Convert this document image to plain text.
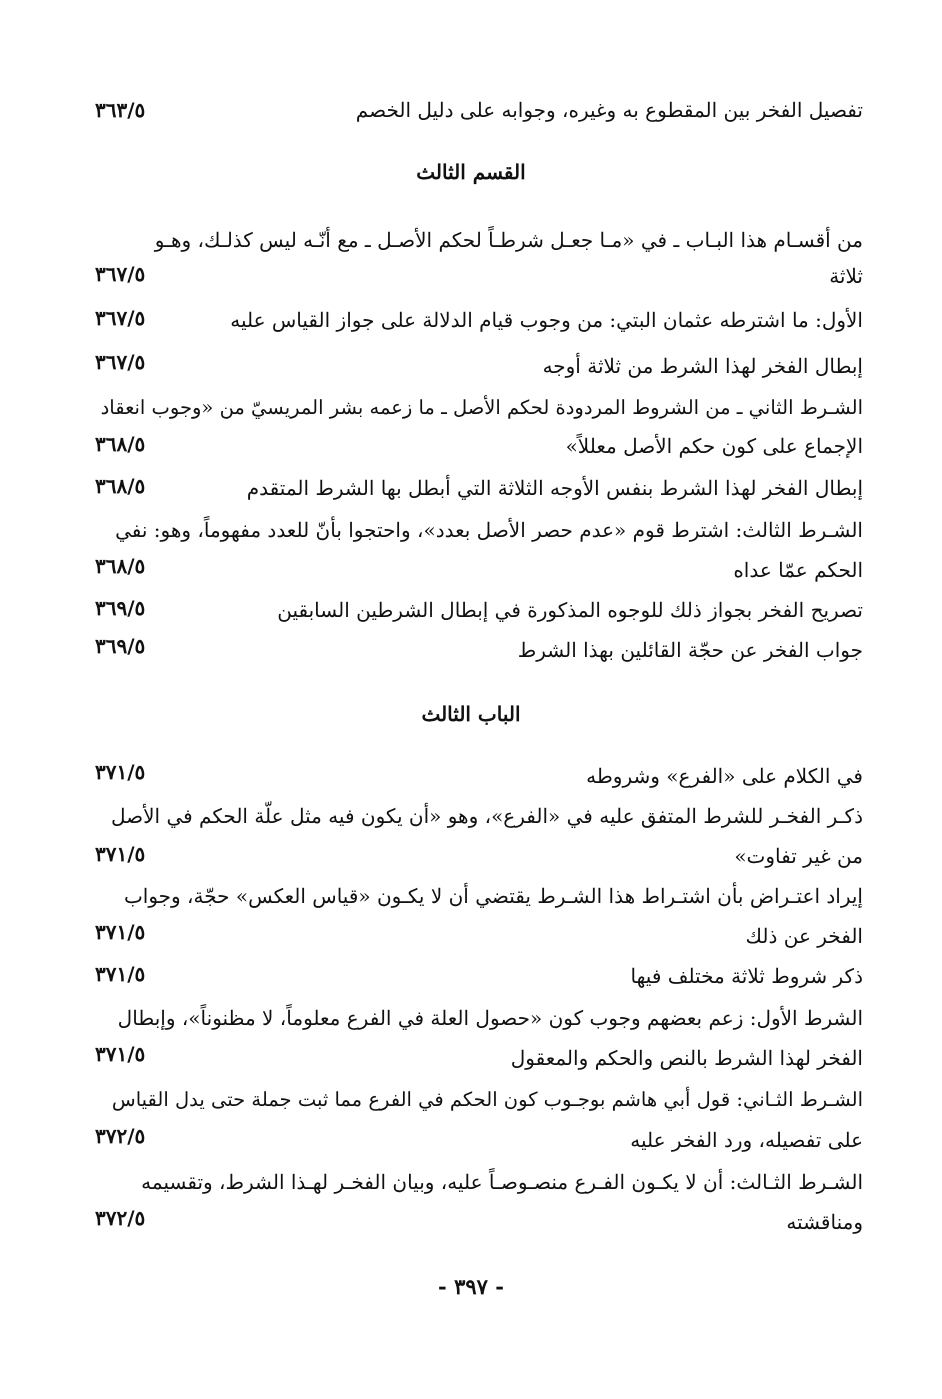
تفصيل الفخر بين المقطوع به وغيره، وجوابه على دليل الخصم
٣٦٣/٥
القسم الثالث
من أقسـام هذا البـاب ـ في «مـا جعـل شرطـاً لحكم الأصـل ـ مع أنّـه ليس كذلـك، وهـو
ثلاثة
٣٦٧/٥
الأول: ما اشترطه عثمان البتي: من وجوب قيام الدلالة على جواز القياس عليه
٣٦٧/٥
إبطال الفخر لهذا الشرط من ثلاثة أوجه
٣٦٧/٥
الشـرط الثاني ـ من الشروط المردودة لحكم الأصل ـ ما زعمه بشر المريسيّ من «وجوب انعقاد
الإجماع على كون حكم الأصل معللاً»
٣٦٨/٥
إبطال الفخر لهذا الشرط بنفس الأوجه الثلاثة التي أبطل بها الشرط المتقدم
٣٦٨/٥
الشـرط الثالث: اشترط قوم «عدم حصر الأصل بعدد»، واحتجوا بأنّ للعدد مفهوماً، وهو: نفي
الحكم عمّا عداه
٣٦٨/٥
تصريح الفخر بجواز ذلك للوجوه المذكورة في إبطال الشرطين السابقين
٣٦٩/٥
جواب الفخر عن حجّة القائلين بهذا الشرط
٣٦٩/٥
الباب الثالث
في الكلام على «الفرع» وشروطه
٣٧١/٥
ذكـر الفخـر للشرط المتفق عليه في «الفرع»، وهو «أن يكون فيه مثل علّة الحكم في الأصل
من غير تفاوت»
٣٧١/٥
إيراد اعتـراض بأن اشتـراط هذا الشـرط يقتضي أن لا يكـون «قياس العكس» حجّة، وجواب
الفخر عن ذلك
٣٧١/٥
ذكر شروط ثلاثة مختلف فيها
٣٧١/٥
الشرط الأول: زعم بعضهم وجوب كون «حصول العلة في الفرع معلوماً، لا مظنوناً»، وإبطال
الفخر لهذا الشرط بالنص والحكم والمعقول
٣٧١/٥
الشـرط الثـاني: قول أبي هاشم بوجـوب كون الحكم في الفرع مما ثبت جملة حتى يدل القياس
على تفصيله، ورد الفخر عليه
٣٧٢/٥
الشـرط الثـالث: أن لا يكـون الفـرع منصـوصـاً عليه، وبيان الفخـر لهـذا الشرط، وتقسيمه
ومناقشته
٣٧٢/٥
- ٣٩٧ -
